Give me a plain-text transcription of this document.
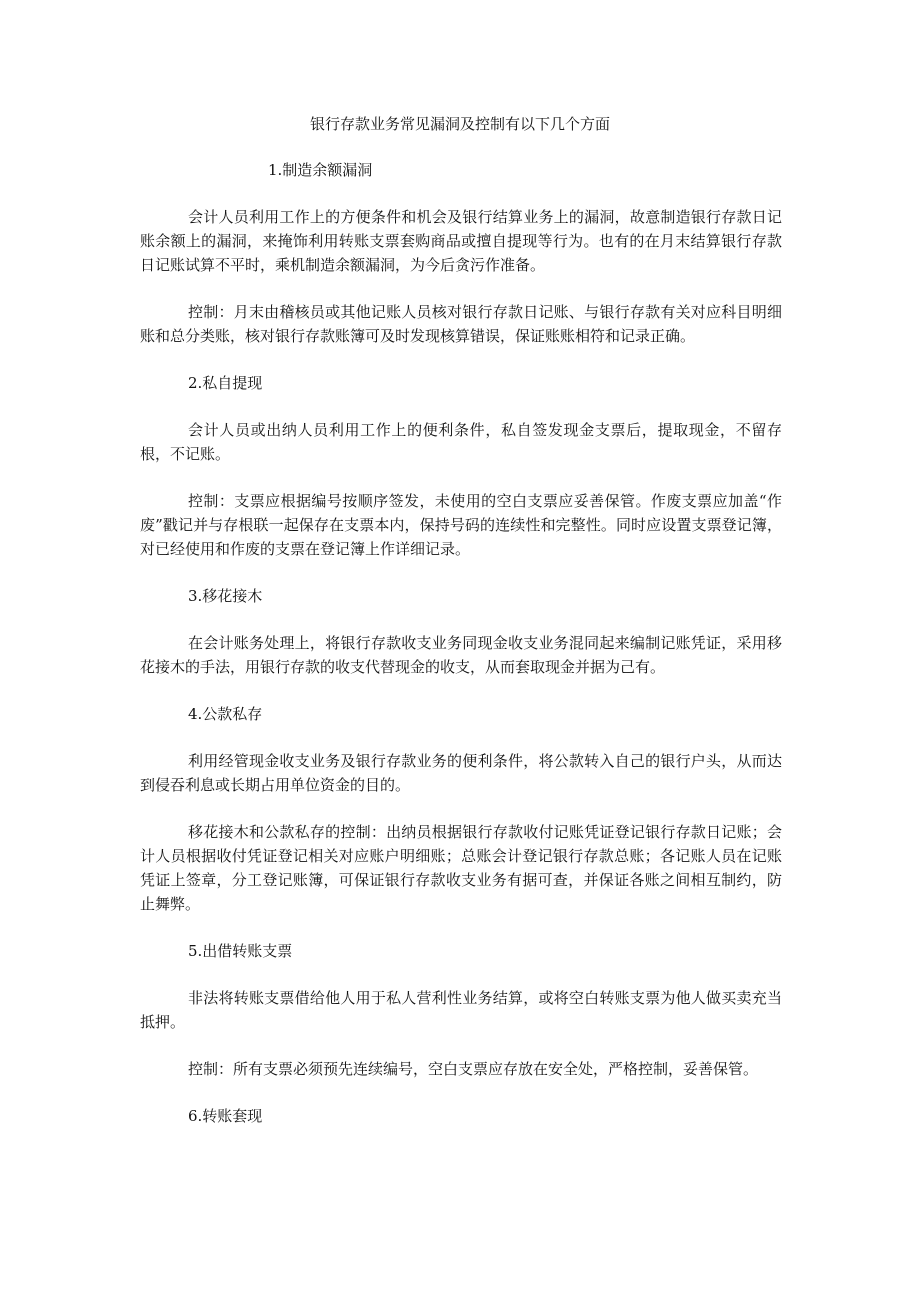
银行存款业务常见漏洞及控制有以下几个方面

1.制造余额漏洞

会计人员利用工作上的方便条件和机会及银行结算业务上的漏洞，故意制造银行存款日记账余额上的漏洞，来掩饰利用转账支票套购商品或擅自提现等行为。也有的在月末结算银行存款日记账试算不平时，乘机制造余额漏洞，为今后贪污作准备。

控制：月末由稽核员或其他记账人员核对银行存款日记账、与银行存款有关对应科目明细账和总分类账，核对银行存款账簿可及时发现核算错误，保证账账相符和记录正确。

2.私自提现

会计人员或出纳人员利用工作上的便利条件，私自签发现金支票后，提取现金，不留存根，不记账。

控制：支票应根据编号按顺序签发，未使用的空白支票应妥善保管。作废支票应加盖“作废”戳记并与存根联一起保存在支票本内，保持号码的连续性和完整性。同时应设置支票登记簿，对已经使用和作废的支票在登记簿上作详细记录。

3.移花接木

在会计账务处理上，将银行存款收支业务同现金收支业务混同起来编制记账凭证，采用移花接木的手法，用银行存款的收支代替现金的收支，从而套取现金并据为己有。

4.公款私存

利用经管现金收支业务及银行存款业务的便利条件，将公款转入自己的银行户头，从而达到侵吞利息或长期占用单位资金的目的。

移花接木和公款私存的控制：出纳员根据银行存款收付记账凭证登记银行存款日记账；会计人员根据收付凭证登记相关对应账户明细账；总账会计登记银行存款总账；各记账人员在记账凭证上签章，分工登记账簿，可保证银行存款收支业务有据可查，并保证各账之间相互制约，防止舞弊。

5.出借转账支票

非法将转账支票借给他人用于私人营利性业务结算，或将空白转账支票为他人做买卖充当抵押。

控制：所有支票必须预先连续编号，空白支票应存放在安全处，严格控制，妥善保管。

6.转账套现
